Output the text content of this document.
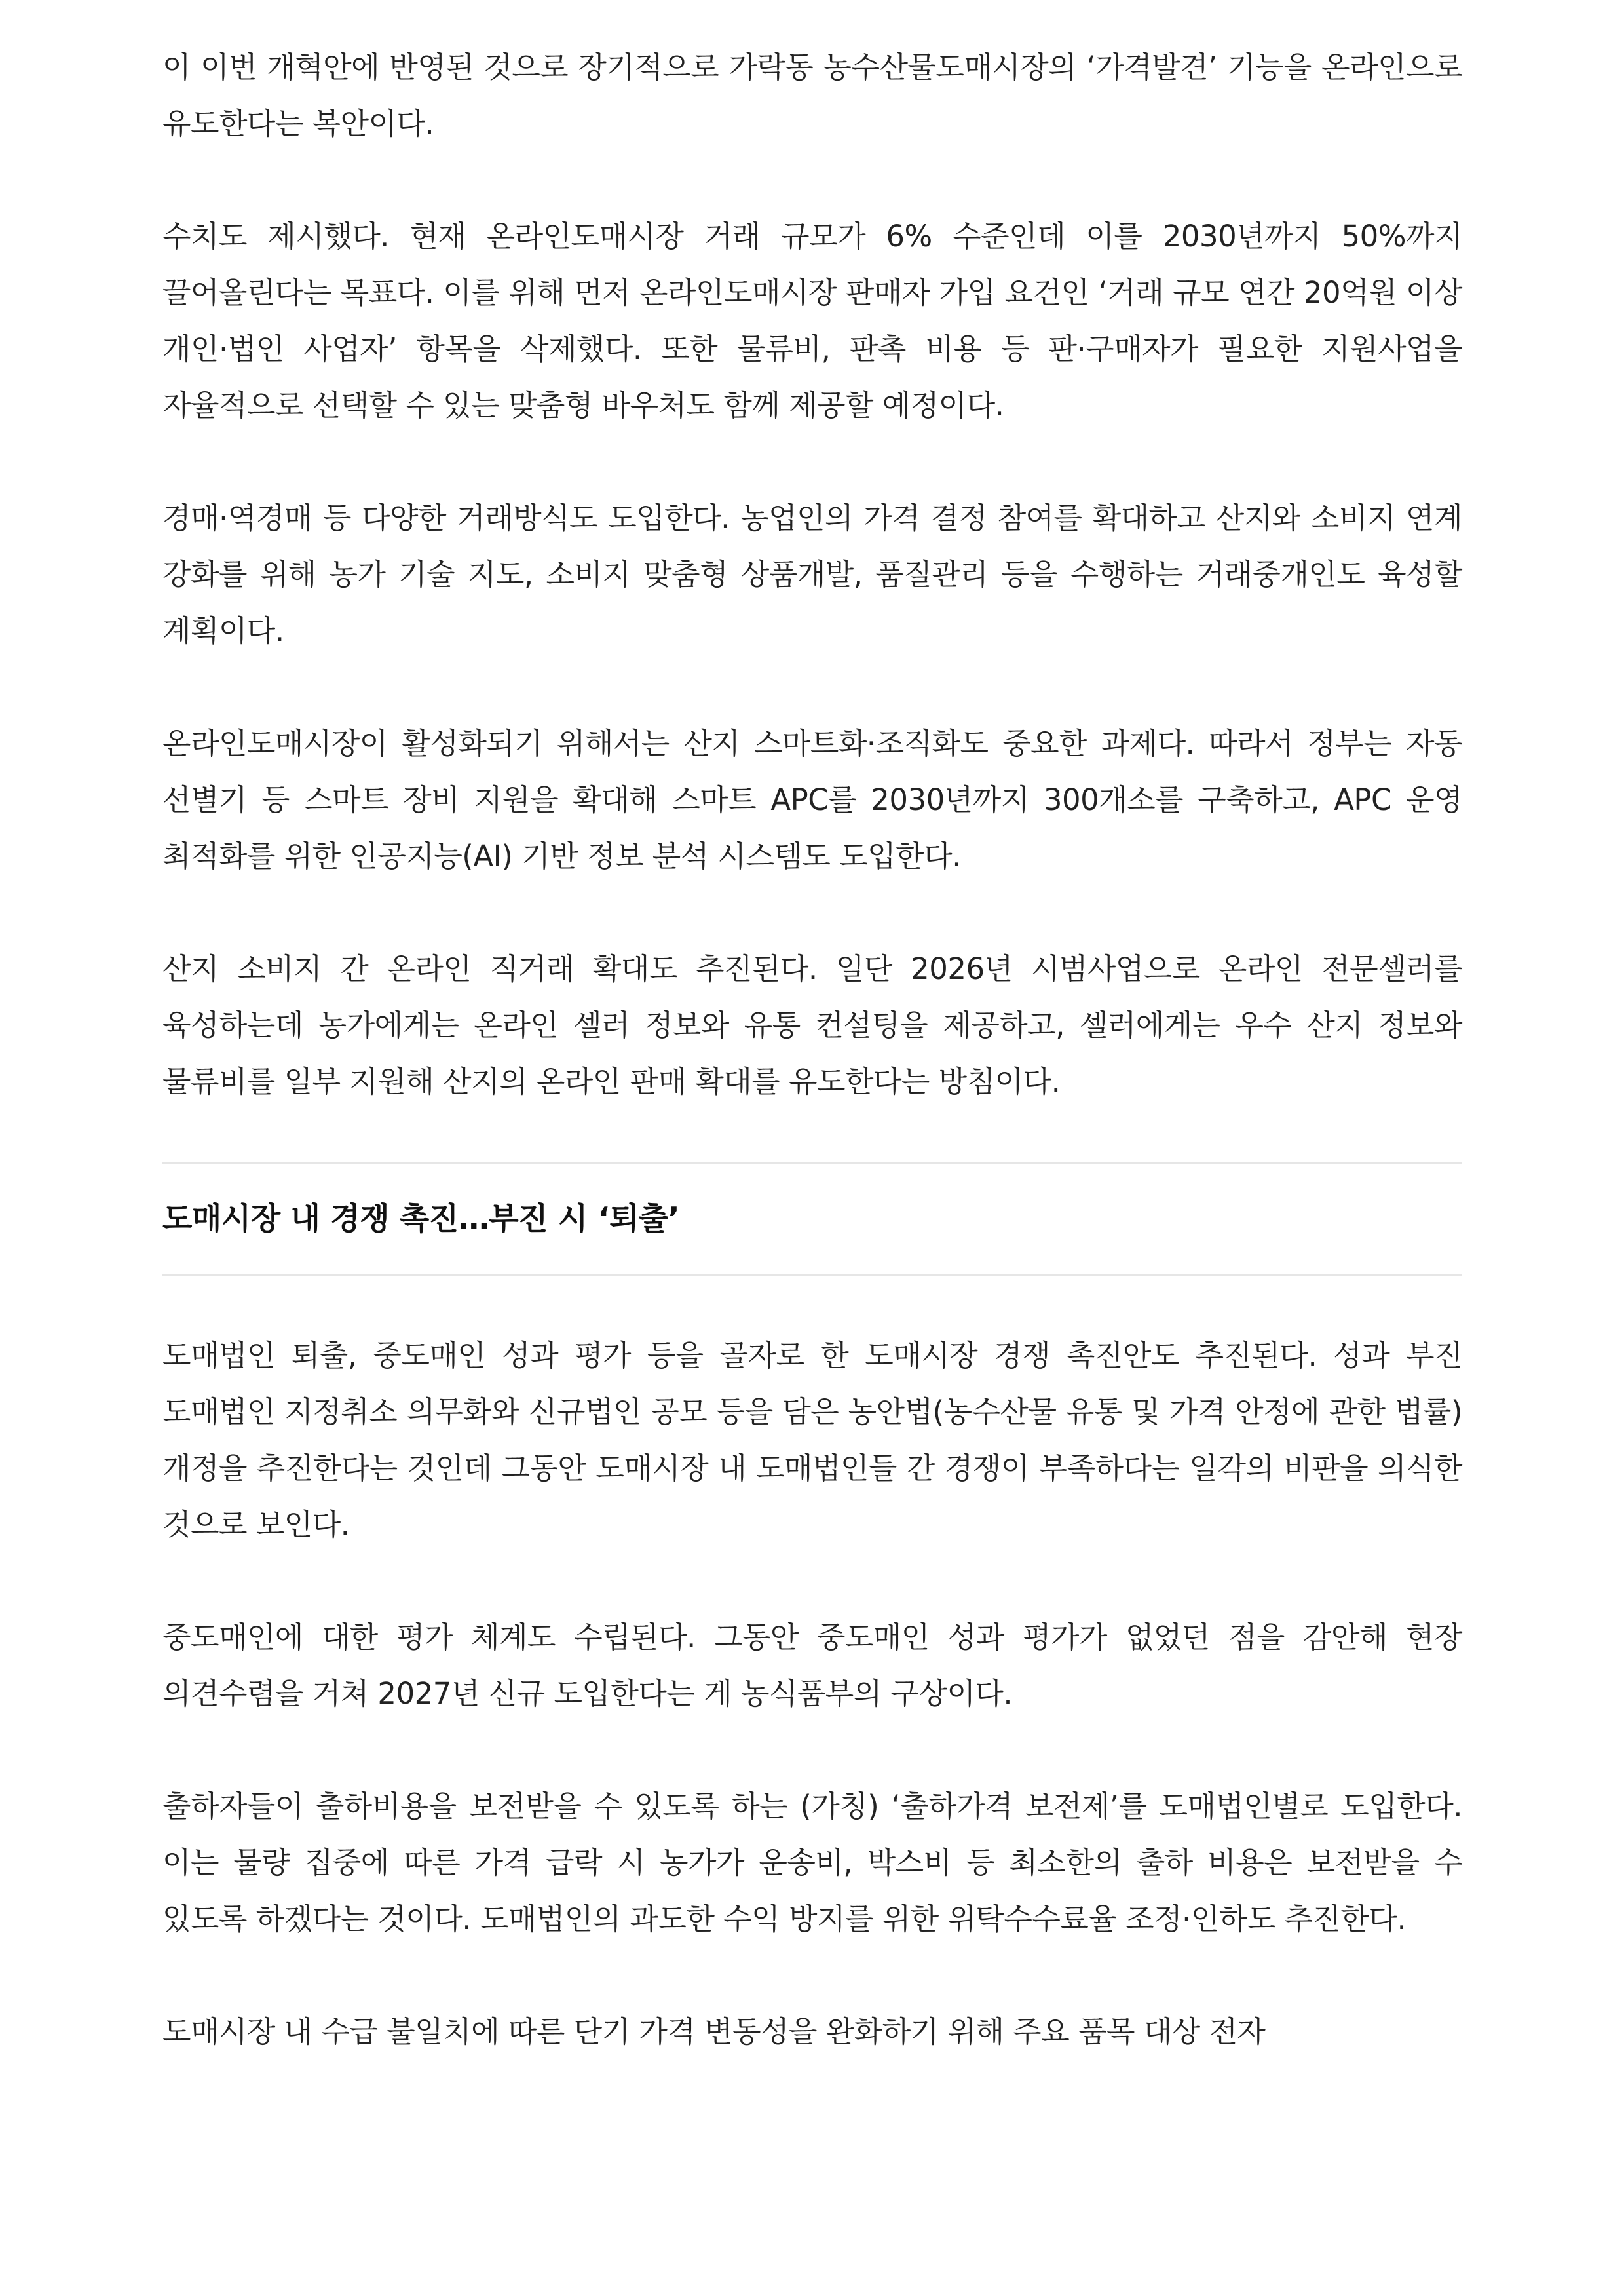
이 이번 개혁안에 반영된 것으로 장기적으로 가락동 농수산물도매시장의 ‘가격발견’ 기능을 온라인으로 유도한다는 복안이다.

수치도 제시했다. 현재 온라인도매시장 거래 규모가 6% 수준인데 이를 2030년까지 50%까지 끌어올린다는 목표다. 이를 위해 먼저 온라인도매시장 판매자 가입 요건인 ‘거래 규모 연간 20억원 이상 개인·법인 사업자’ 항목을 삭제했다. 또한 물류비, 판촉 비용 등 판·구매자가 필요한 지원사업을 자율적으로 선택할 수 있는 맞춤형 바우처도 함께 제공할 예정이다.

경매·역경매 등 다양한 거래방식도 도입한다. 농업인의 가격 결정 참여를 확대하고 산지와 소비지 연계 강화를 위해 농가 기술 지도, 소비지 맞춤형 상품개발, 품질관리 등을 수행하는 거래중개인도 육성할 계획이다.

온라인도매시장이 활성화되기 위해서는 산지 스마트화·조직화도 중요한 과제다. 따라서 정부는 자동 선별기 등 스마트 장비 지원을 확대해 스마트 APC를 2030년까지 300개소를 구축하고, APC 운영 최적화를 위한 인공지능(AI) 기반 정보 분석 시스템도 도입한다.

산지 소비지 간 온라인 직거래 확대도 추진된다. 일단 2026년 시범사업으로 온라인 전문셀러를 육성하는데 농가에게는 온라인 셀러 정보와 유통 컨설팅을 제공하고, 셀러에게는 우수 산지 정보와 물류비를 일부 지원해 산지의 온라인 판매 확대를 유도한다는 방침이다.

도매시장 내 경쟁 촉진…부진 시 ‘퇴출’

도매법인 퇴출, 중도매인 성과 평가 등을 골자로 한 도매시장 경쟁 촉진안도 추진된다. 성과 부진 도매법인 지정취소 의무화와 신규법인 공모 등을 담은 농안법(농수산물 유통 및 가격 안정에 관한 법률) 개정을 추진한다는 것인데 그동안 도매시장 내 도매법인들 간 경쟁이 부족하다는 일각의 비판을 의식한 것으로 보인다.

중도매인에 대한 평가 체계도 수립된다. 그동안 중도매인 성과 평가가 없었던 점을 감안해 현장 의견수렴을 거쳐 2027년 신규 도입한다는 게 농식품부의 구상이다.

출하자들이 출하비용을 보전받을 수 있도록 하는 (가칭) ‘출하가격 보전제’를 도매법인별로 도입한다. 이는 물량 집중에 따른 가격 급락 시 농가가 운송비, 박스비 등 최소한의 출하 비용은 보전받을 수 있도록 하겠다는 것이다. 도매법인의 과도한 수익 방지를 위한 위탁수수료율 조정·인하도 추진한다.

도매시장 내 수급 불일치에 따른 단기 가격 변동성을 완화하기 위해 주요 품목 대상 전자
